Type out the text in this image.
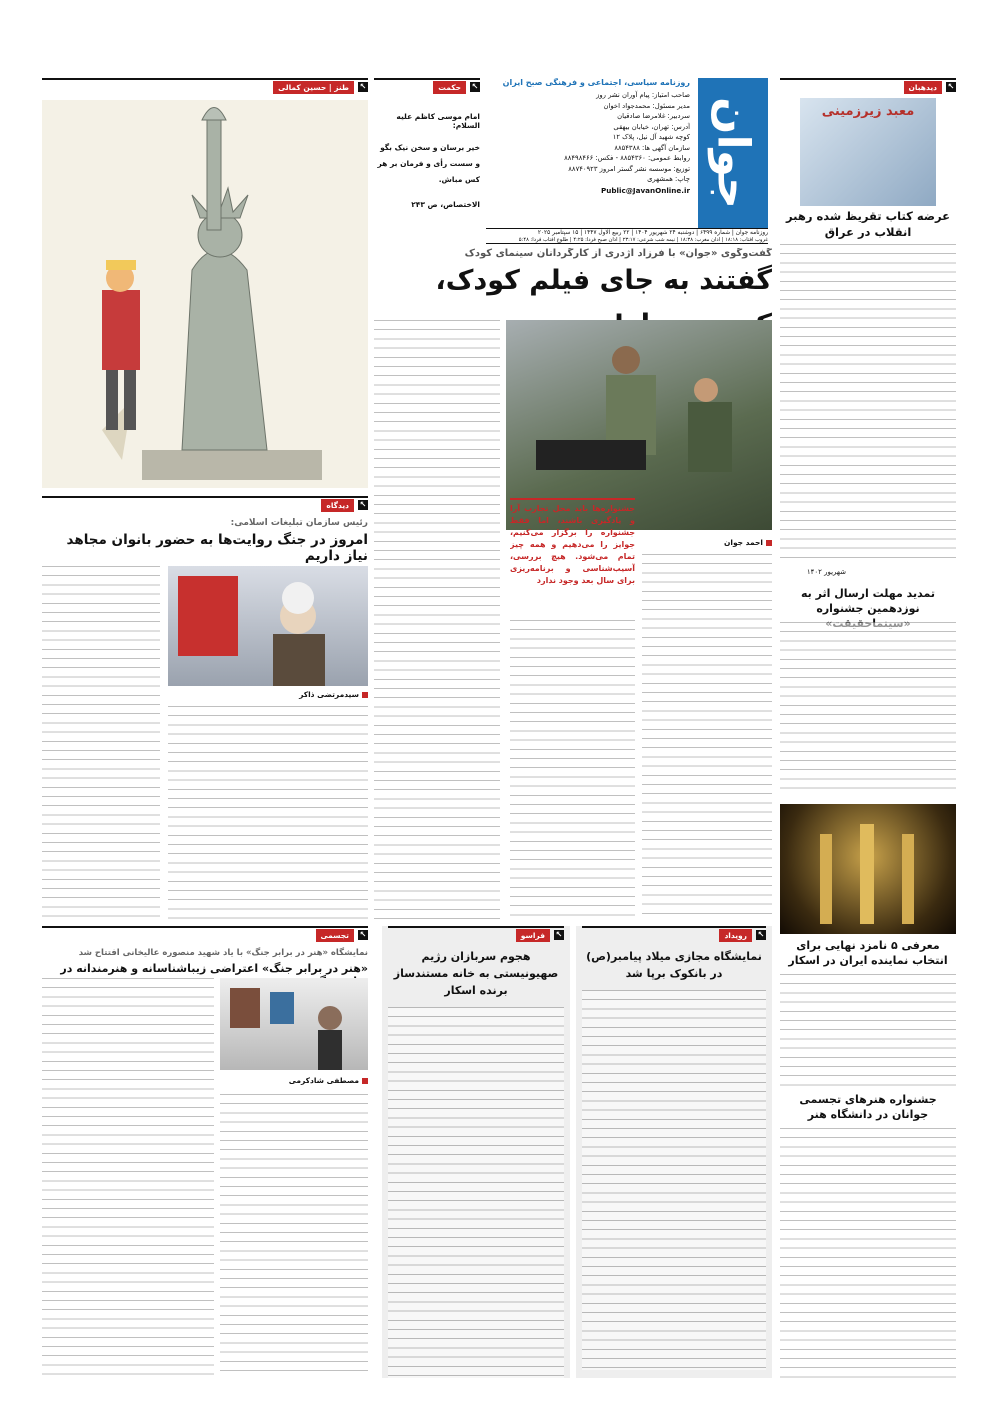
جوان
روزنامه سیاسی، اجتماعی و فرهنگی صبح ایران
صاحب امتیاز: پیام آوران نشر روز
مدیر مسئول: محمدجواد اخوان
سردبیر: غلامرضا صادقیان
آدرس: تهران، خیابان بیهقی
کوچه شهید آل نیل، پلاک ۱۲
سازمان آگهی ها: ۸۸۵۴۳۸۸
روابط عمومی: ۸۸۵۴۳۶۰ - فکس: ۸۸۴۹۸۴۶۶
توزیع: موسسه نشر گستر امروز ۸۸۷۴۰۹۲۳
چاپ: همشهری
Public@JavanOnline.ir
روزنامه جوان | شماره ۶۴۹۹ | دوشنبه ۲۴ شهریور ۱۴۰۴ | ۲۲ ربیع الاول ۱۴۴۷ | ۱۵ سپتامبر ۲۰۲۵
غروب آفتاب: ۱۸:۱۸ | اذان مغرب: ۱۸:۳۸ | نیمه شب شرعی: ۲۳:۱۷ | اذان صبح فردا: ۴:۲۵ | طلوع آفتاب فردا: ۵:۴۸
↖
حکمت
امام موسی کاظم علیه السلام:
خیر برسان و سخن نیک بگو و سست رأی و فرمان بر هر کس مباش.
الاختصاص، ص ۲۴۳
↖
طنز | حسین کمالی
گفت‌وگوی «جوان» با فرزاد اژدری از کارگردانان سینمای کودک
گفتند به جای فیلم کودک،
احمد جوان
جشنواره‌ها باید محل تجارب آرا و یادگیری باشند، اما فقط جشنواره را برگزار می‌کنیم، جوایز را می‌دهیم و همه چیز تمام می‌شود. هیچ بررسی، آسیب‌شناسی و برنامه‌ریزی برای سال بعد وجود ندارد
↖
دیدگاه
رئیس سازمان تبلیغات اسلامی:
امروز در جنگ روایت‌ها به حضور بانوان مجاهد نیاز داریم
سیدمرتضی ذاکر
↖
دیدهبان
معبد زیرزمینی
عرضه کتاب تقریظ شده رهبر انقلاب در عراق
شهریور ۱۴۰۲
تمدید مهلت ارسال اثر به نوزدهمین جشنواره
معرفی ۵ نامزد نهایی برای انتخاب نماینده ایران در اسکار
جشنواره هنرهای تجسمی جوانان در دانشگاه هنر
↖
تجسمی
نمایشگاه «هنر در برابر جنگ» با یاد شهید منصوره عالیخانی افتتاح شد
«هنر در برابر جنگ» اعتراضی زیباشناسانه و هنرمندانه در
مصطفی شادکرمی
↖
فراسو
هجوم سربازان رژیم صهیونیستی به خانه مستندساز برنده اسکار
↖
رویداد
نمایشگاه مجازی میلاد پیامبر(ص) در بانکوک برپا شد
